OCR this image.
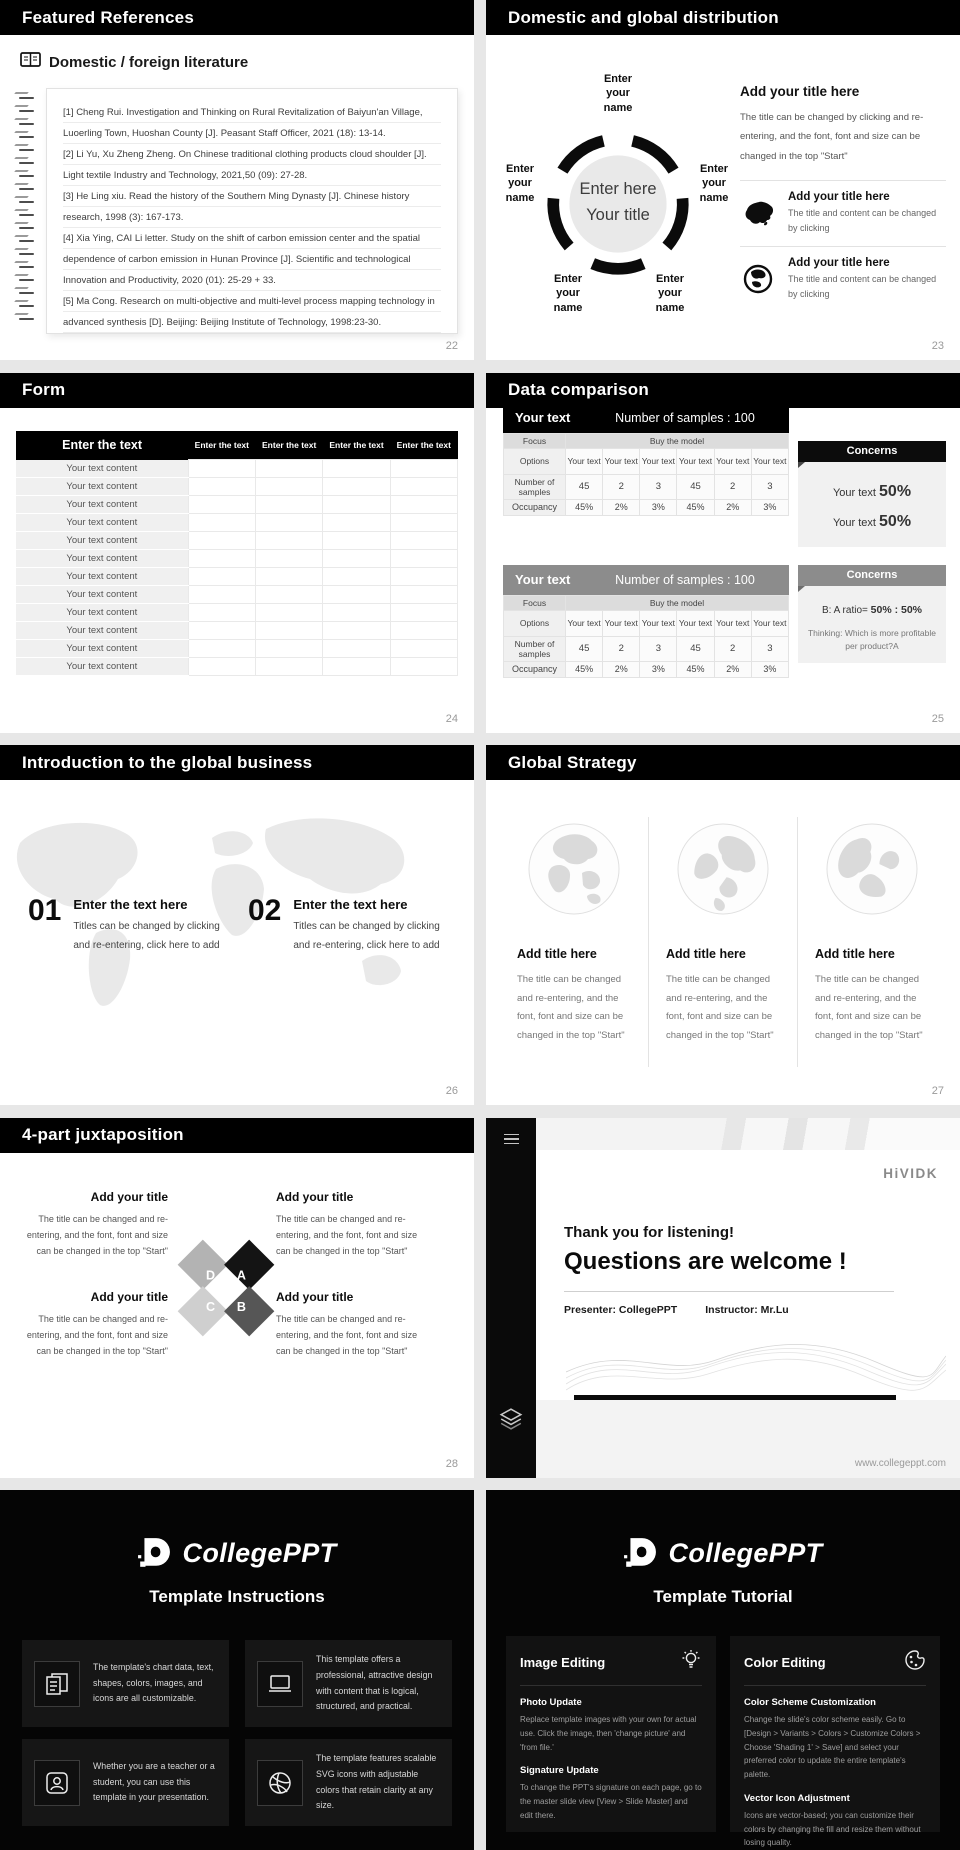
Featured References
Domestic / foreign literature

[1] Cheng Rui. Investigation and Thinking on Rural Revitalization of Baiyun'an Village, Luoerling Town, Huoshan County [J]. Peasant Staff Officer, 2021 (18): 13-14.

[2] Li Yu, Xu Zheng Zheng. On Chinese traditional clothing products cloud shoulder [J]. Light textile Industry and Technology, 2021,50 (09): 27-28.

[3] He Ling xiu. Read the history of the Southern Ming Dynasty [J]. Chinese history research, 1998 (3): 167-173.

[4] Xia Ying, CAI Li letter. Study on the shift of carbon emission center and the spatial dependence of carbon emission in Hunan Province [J]. Scientific and technological Innovation and Productivity, 2020 (01): 25-29 + 33.

[5] Ma Cong. Research on multi-objective and multi-level process mapping technology in advanced synthesis [D]. Beijing: Beijing Institute of Technology, 1998:23-30.

22
Domestic and global distribution
Enter here
Your title
Enter your name
Enter your name
Enter your name
Enter your name
Enter your name
Add your title here

The title can be changed by clicking and re-entering, and the font, font and size can be changed in the top "Start"

Add your title here

The title and content can be changed by clicking

Add your title here

The title and content can be changed by clicking

23
Form
Enter the text	Enter the text	Enter the text	Enter the text	Enter the text
Your text content				
Your text content				
Your text content				
Your text content				
Your text content				
Your text content				
Your text content				
Your text content				
Your text content				
Your text content				
Your text content				
Your text content				
24
Data comparison
Your text	Number of samples : 100
Focus	Buy the model					
Options	Your text	Your text	Your text	Your text	Your text	Your text
Number of samples	45	2	3	45	2	3
Occupancy	45%	2%	3%	45%	2%	3%
Your text	Number of samples : 100
Focus	Buy the model					
Options	Your text	Your text	Your text	Your text	Your text	Your text
Number of samples	45	2	3	45	2	3
Occupancy	45%	2%	3%	45%	2%	3%
Concerns
Your text 50%
Your text 50%
Concerns
B: A ratio= 50% : 50%

Thinking: Which is more profitable per product?A

25
Introduction to the global business
01 Enter the text here

Titles can be changed by clicking and re-entering, click here to add

02 Enter the text here

Titles can be changed by clicking and re-entering, click here to add

26
Global Strategy
Add title here

The title can be changed and re-entering, and the font, font and size can be changed in the top "Start"

Add title here

The title can be changed and re-entering, and the font, font and size can be changed in the top "Start"

Add title here

The title can be changed and re-entering, and the font, font and size can be changed in the top "Start"

27
4-part juxtaposition
Add your title

The title can be changed and re-entering, and the font, font and size can be changed in the top "Start"

Add your title

The title can be changed and re-entering, and the font, font and size can be changed in the top "Start"

Add your title

The title can be changed and re-entering, and the font, font and size can be changed in the top "Start"

Add your title

The title can be changed and re-entering, and the font, font and size can be changed in the top "Start"

D A
C B
28
HiVIDK
Thank you for listening!
Questions are welcome !
Presenter: CollegePPT	Instructor: Mr.Lu
www.collegeppt.com
CollegePPT
Template Instructions

The template's chart data, text, shapes, colors, images, and icons are all customizable.

This template offers a professional, attractive design with content that is logical, structured, and practical.

Whether you are a teacher or a student, you can use this template in your presentation.

The template features scalable SVG icons with adjustable colors that retain clarity at any size.

CollegePPT
Template Tutorial
Image Editing
Photo Update

Replace template images with your own for actual use. Click the image, then 'change picture' and 'from file.'

Signature Update

To change the PPT's signature on each page, go to the master slide view [View > Slide Master] and edit there.

Color Editing
Color Scheme Customization

Change the slide's color scheme easily. Go to [Design > Variants > Colors > Customize Colors > Choose 'Shading 1' > Save] and select your preferred color to update the entire template's palette.

Vector Icon Adjustment

Icons are vector-based; you can customize their colors by changing the fill and resize them without losing quality.
